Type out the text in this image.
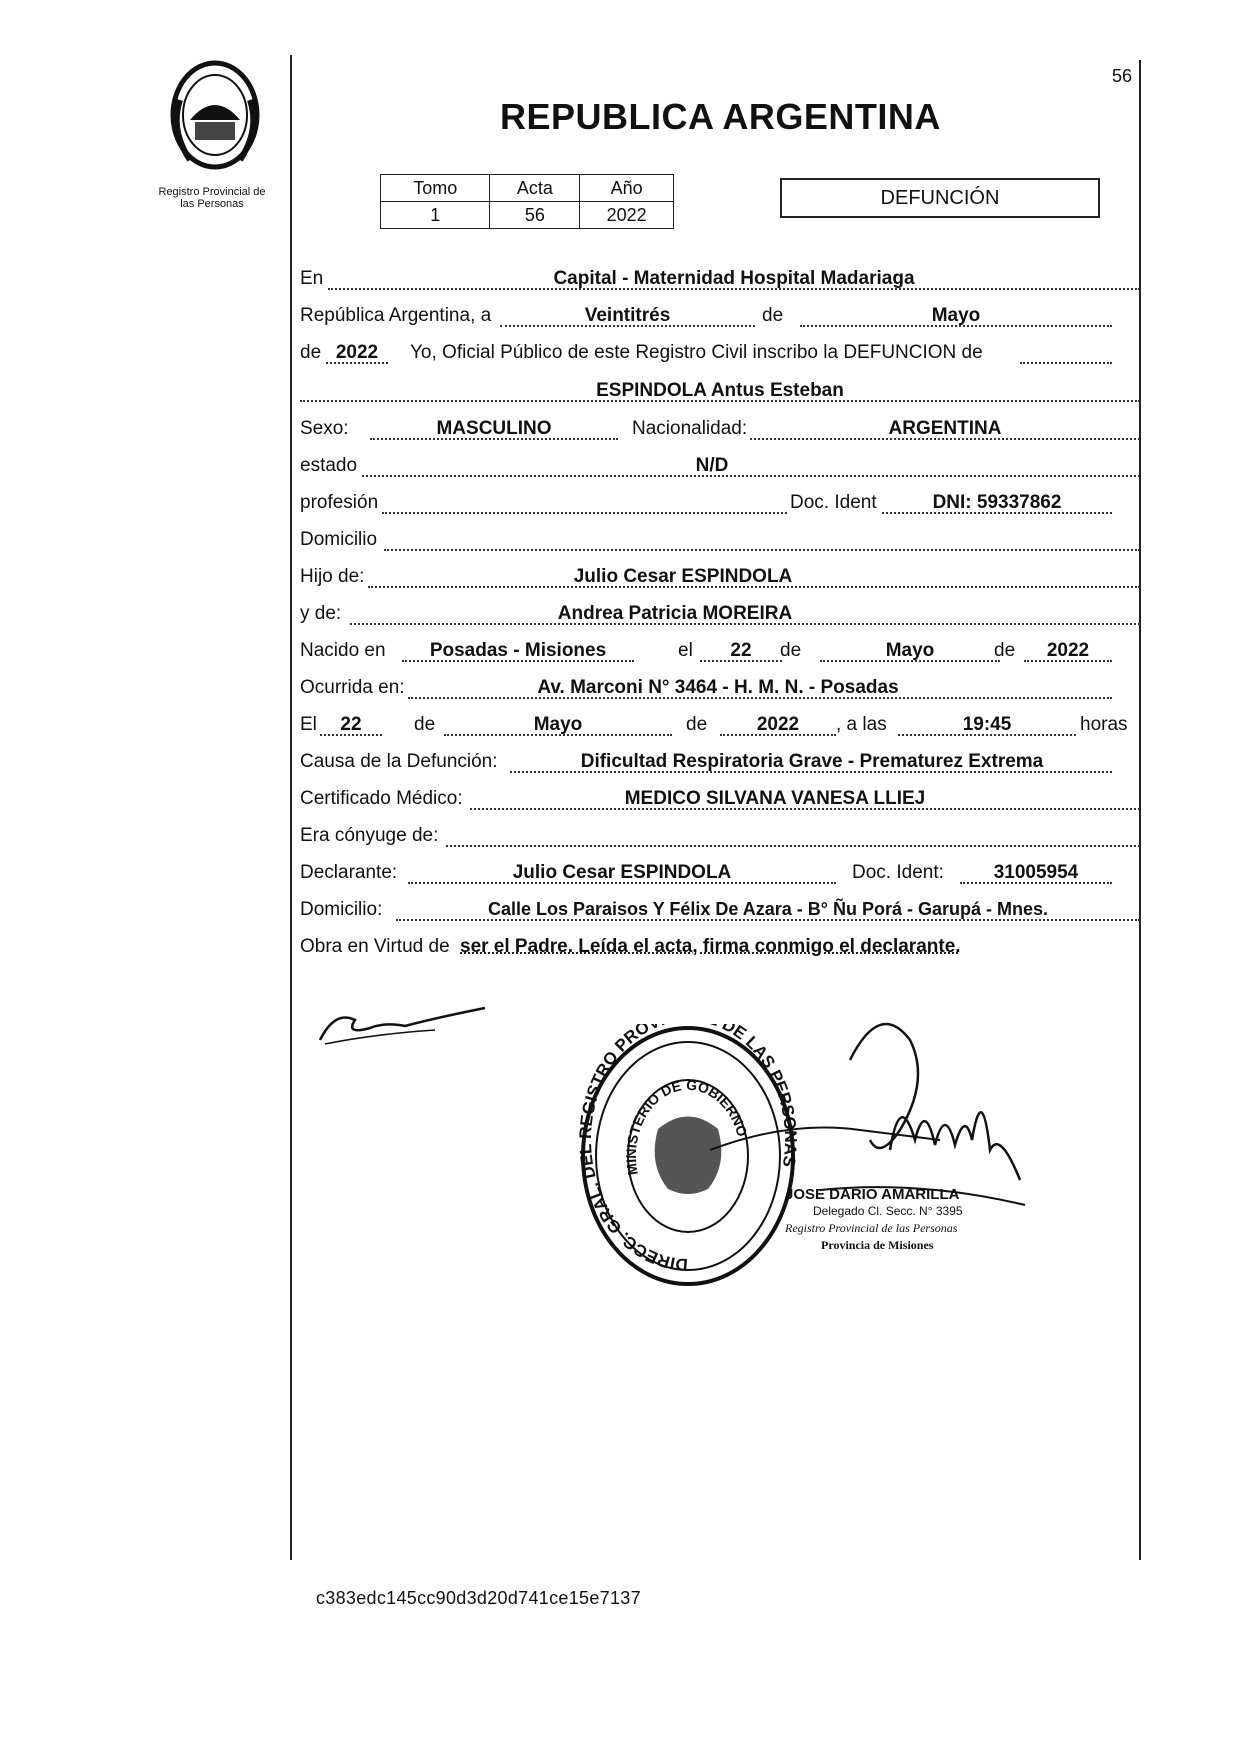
Registro Provincial de
las Personas
56
REPUBLICA ARGENTINA
Tomo	Acta	Año
1	56	2022
DEFUNCIÓN
En	Capital - Maternidad Hospital Madariaga
República Argentina, a	Veintitrés	de	Mayo
de 2022	Yo, Oficial Público de este Registro Civil inscribo la DEFUNCION de
ESPINDOLA Antus Esteban
Sexo:	MASCULINO	Nacionalidad:	ARGENTINA
estado	N/D
profesión	Doc. Ident	DNI: 59337862
Domicilio
Hijo de:	Julio Cesar ESPINDOLA
y de:	Andrea Patricia MOREIRA
Nacido en	Posadas - Misiones	el	22	de	Mayo	de	2022
Ocurrida en:	Av. Marconi N° 3464 - H. M. N. - Posadas
El	22	de	Mayo	de	2022	, a las	19:45	horas
Causa de la Defunción:	Dificultad Respiratoria Grave - Prematurez Extrema
Certificado Médico:	MEDICO SILVANA VANESA LLIEJ
Era cónyuge de:
Declarante:	Julio Cesar ESPINDOLA	Doc. Ident:	31005954
Domicilio:	Calle Los Paraisos Y Félix De Azara - B° Ñu Porá - Garupá - Mnes.
Obra en Virtud de ser el Padre. Leída el acta, firma conmigo el declarante.
DIRECC. GRAL. DE EGISTRO PRO DE LAS PERSO S
MINISTERIO DE GOBIERNO
JOSE DARIO AMARILLA
Delegado Cl. Secc. N° 3395
Registro Provincial de las Personas
Provincia de Misiones
c383edc145cc90d3d20d741ce15e7137
